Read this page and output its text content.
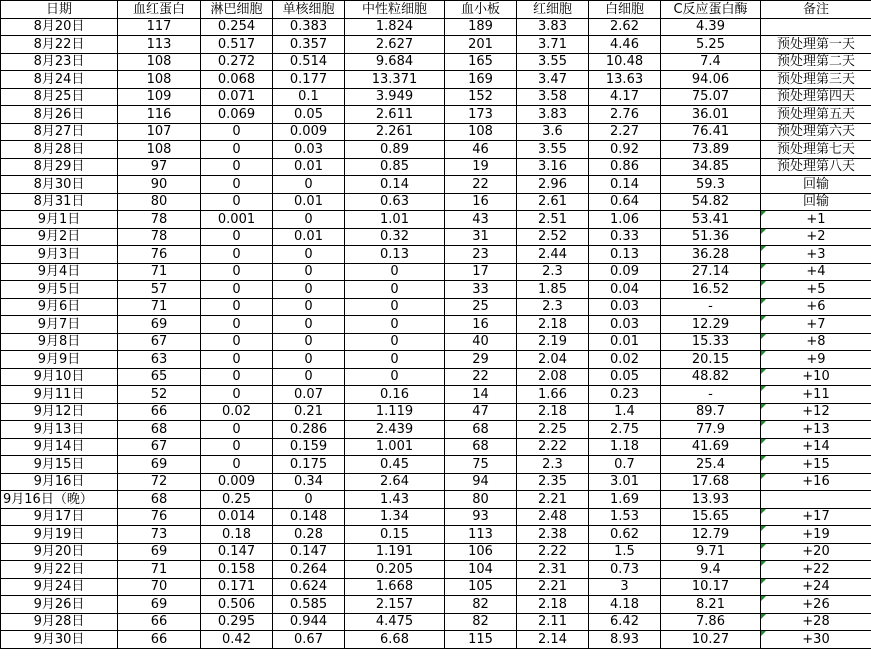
日期	血红蛋白	淋巴细胞	单核细胞	中性粒细胞	血小板	红细胞	白细胞	C反应蛋白酶	备注
8月20日	117	0.254	0.383	1.824	189	3.83	2.62	4.39	
8月22日	113	0.517	0.357	2.627	201	3.71	4.46	5.25	预处理第一天
8月23日	108	0.272	0.514	9.684	165	3.55	10.48	7.4	预处理第二天
8月24日	108	0.068	0.177	13.371	169	3.47	13.63	94.06	预处理第三天
8月25日	109	0.071	0.1	3.949	152	3.58	4.17	75.07	预处理第四天
8月26日	116	0.069	0.05	2.611	173	3.83	2.76	36.01	预处理第五天
8月27日	107	0	0.009	2.261	108	3.6	2.27	76.41	预处理第六天
8月28日	108	0	0.03	0.89	46	3.55	0.92	73.89	预处理第七天
8月29日	97	0	0.01	0.85	19	3.16	0.86	34.85	预处理第八天
8月30日	90	0	0	0.14	22	2.96	0.14	59.3	回输
8月31日	80	0	0.01	0.63	16	2.61	0.64	54.82	回输
9月1日	78	0.001	0	1.01	43	2.51	1.06	53.41	+1
9月2日	78	0	0.01	0.32	31	2.52	0.33	51.36	+2
9月3日	76	0	0	0.13	23	2.44	0.13	36.28	+3
9月4日	71	0	0	0	17	2.3	0.09	27.14	+4
9月5日	57	0	0	0	33	1.85	0.04	16.52	+5
9月6日	71	0	0	0	25	2.3	0.03	-	+6
9月7日	69	0	0	0	16	2.18	0.03	12.29	+7
9月8日	67	0	0	0	40	2.19	0.01	15.33	+8
9月9日	63	0	0	0	29	2.04	0.02	20.15	+9
9月10日	65	0	0	0	22	2.08	0.05	48.82	+10
9月11日	52	0	0.07	0.16	14	1.66	0.23	-	+11
9月12日	66	0.02	0.21	1.119	47	2.18	1.4	89.7	+12
9月13日	68	0	0.286	2.439	68	2.25	2.75	77.9	+13
9月14日	67	0	0.159	1.001	68	2.22	1.18	41.69	+14
9月15日	69	0	0.175	0.45	75	2.3	0.7	25.4	+15
9月16日	72	0.009	0.34	2.64	94	2.35	3.01	17.68	+16
9月16日（晚）	68	0.25	0	1.43	80	2.21	1.69	13.93	
9月17日	76	0.014	0.148	1.34	93	2.48	1.53	15.65	+17
9月19日	73	0.18	0.28	0.15	113	2.38	0.62	12.79	+19
9月20日	69	0.147	0.147	1.191	106	2.22	1.5	9.71	+20
9月22日	71	0.158	0.264	0.205	104	2.31	0.73	9.4	+22
9月24日	70	0.171	0.624	1.668	105	2.21	3	10.17	+24
9月26日	69	0.506	0.585	2.157	82	2.18	4.18	8.21	+26
9月28日	66	0.295	0.944	4.475	82	2.11	6.42	7.86	+28
9月30日	66	0.42	0.67	6.68	115	2.14	8.93	10.27	+30
